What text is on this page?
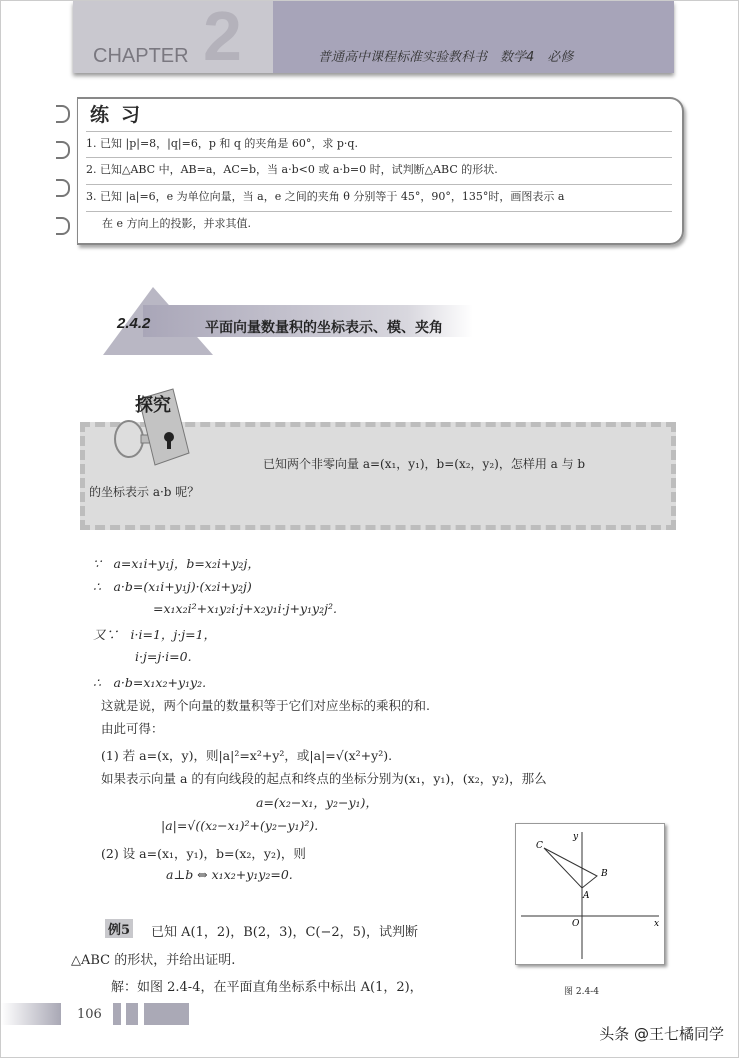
2
CHAPTER	普通高中课程标准实验教科书　数学4　必修
练习
1. 已知 |p|=8，|q|=6，p 和 q 的夹角是 60°，求 p·q.
2. 已知△ABC 中，AB=a，AC=b，当 a·b<0 或 a·b=0 时，试判断△ABC 的形状.
3. 已知 |a|=6，e 为单位向量，当 a，e 之间的夹角 θ 分别等于 45°，90°，135°时，画图表示 a
在 e 方向上的投影，并求其值.
2.4.2	平面向量数量积的坐标表示、模、夹角
已知两个非零向量 a=(x₁，y₁)，b=(x₂，y₂)，怎样用 a 与 b
的坐标表示 a·b 呢？
探究
∵　a=x₁i+y₁j，b=x₂i+y₂j，
∴　a·b=(x₁i+y₁j)·(x₂i+y₂j)
=x₁x₂i²+x₁y₂i·j+x₂y₁i·j+y₁y₂j².
又∵　i·i=1，j·j=1，
i·j=j·i=0.
∴　a·b=x₁x₂+y₁y₂.
这就是说，两个向量的数量积等于它们对应坐标的乘积的和.
由此可得：
(1) 若 a=(x，y)，则|a|²=x²+y²，或|a|=√(x²+y²).
如果表示向量 a 的有向线段的起点和终点的坐标分别为(x₁，y₁)，(x₂，y₂)，那么
a=(x₂−x₁，y₂−y₁)，
|a|=√((x₂−x₁)²+(y₂−y₁)²).
(2) 设 a=(x₁，y₁)，b=(x₂，y₂)，则
a⊥b ⇔ x₁x₂+y₁y₂=0.
例5 已知 A(1，2)，B(2，3)，C(−2，5)，试判断
△ABC 的形状，并给出证明.
解：如图 2.4-4，在平面直角坐标系中标出 A(1，2)，
C
B
A
O	x
y
图 2.4-4
106
头条 @王七橘同学
